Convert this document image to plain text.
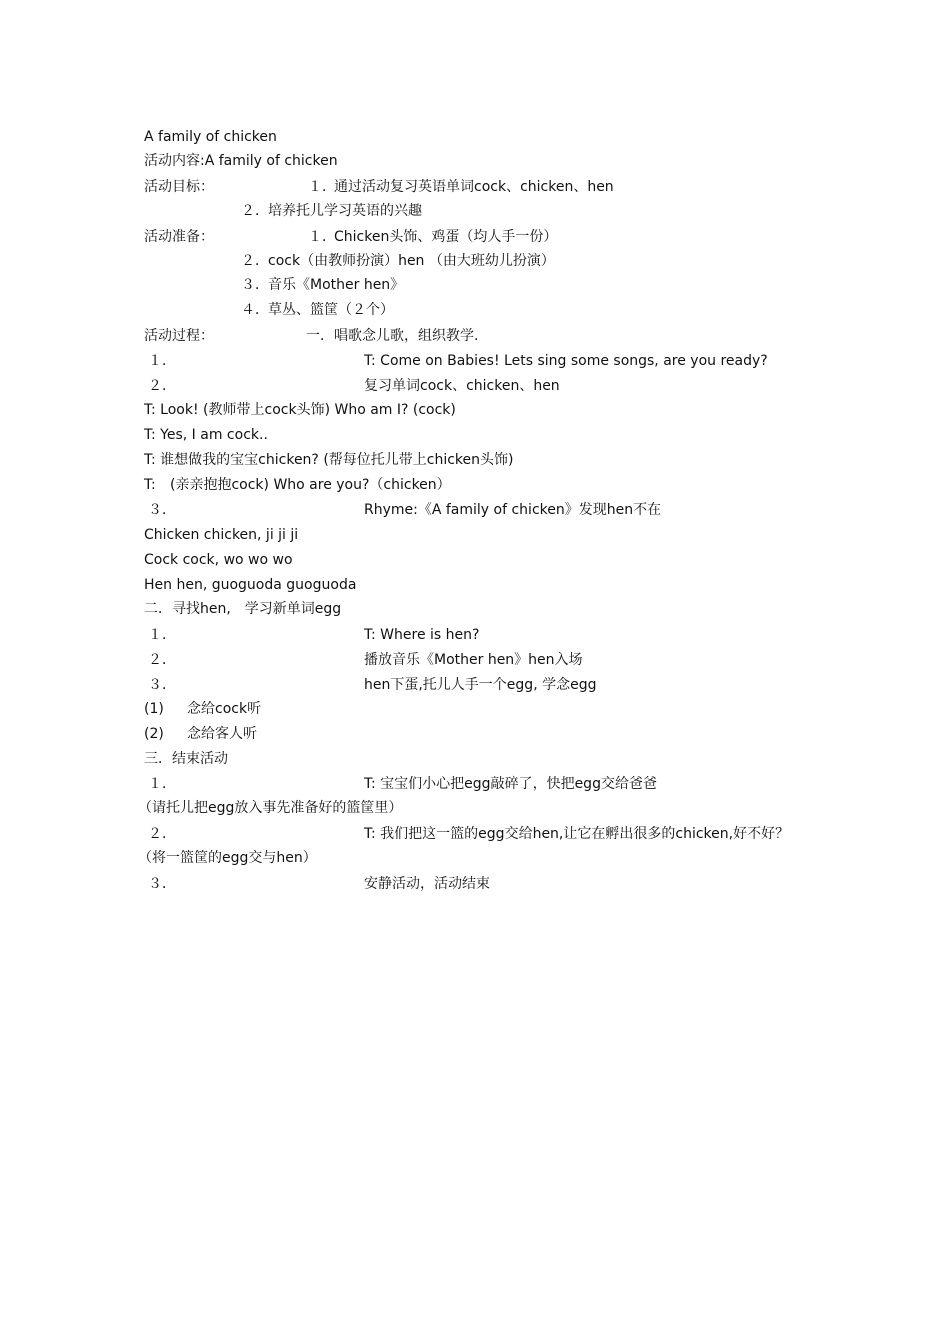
A family of chicken
活动内容:A family of chicken
活动目标：	１．
通过活动复习英语单词cock、chicken、hen
２． 培养托儿学习英语的兴趣
活动准备：	１．
Chicken头饰、鸡蛋（均人手一份）
２． cock（由教师扮演）hen （由大班幼儿扮演）
３． 音乐《Mother hen》
４． 草丛、篮筐（２个）
活动过程：	一．唱歌念儿歌，组织教学.
１．	T: Come on Babies! Lets sing some songs, are you ready?
２．	复习单词cock、chicken、hen
T: Look! (教师带上cock头饰) Who am I? (cock)
T: Yes, I am cock..
T: 谁想做我的宝宝chicken? (帮每位托儿带上chicken头饰)
T: (亲亲抱抱cock) Who are you?（chicken）
３．	Rhyme:《A family of chicken》发现hen不在
Chicken chicken, ji ji ji
Cock cock, wo wo wo
Hen hen, guoguoda guoguoda
二．寻找hen,　学习新单词egg
１．	T: Where is hen?
２．	播放音乐《Mother hen》hen入场
３．	hen下蛋,托儿人手一个egg, 学念egg
(1) 念给cock听
(2) 念给客人听
三．结束活动
１．	T: 宝宝们小心把egg敲碎了，快把egg交给爸爸
（请托儿把egg放入事先准备好的篮筐里）
２．	T: 我们把这一篮的egg交给hen,让它在孵出很多的chicken,好不好？
（将一篮筐的egg交与hen）
３．	安静活动，活动结束
